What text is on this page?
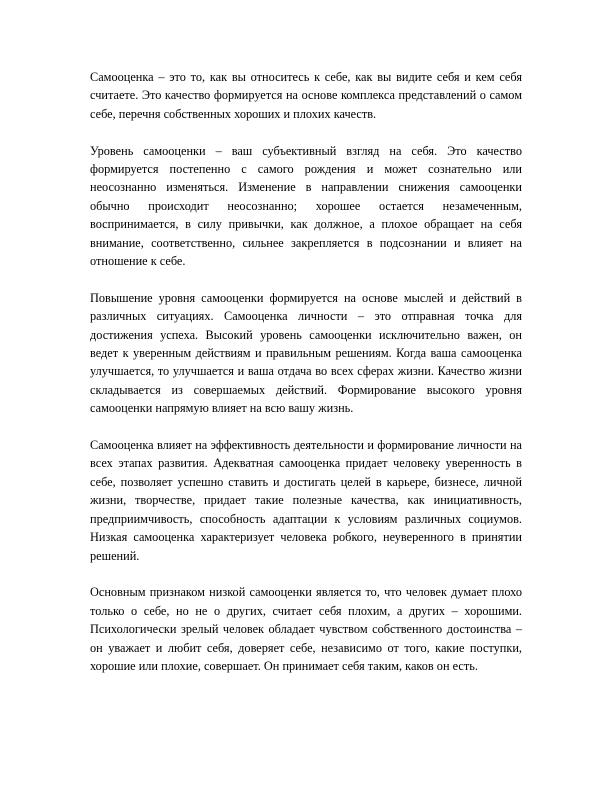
Самооценка – это то, как вы относитесь к себе, как вы видите себя и кем себя считаете. Это качество формируется на основе комплекса представлений о самом себе, перечня собственных хороших и плохих качеств.

Уровень самооценки – ваш субъективный взгляд на себя. Это качество формируется постепенно с самого рождения и может сознательно или неосознанно изменяться. Изменение в направлении снижения самооценки обычно происходит неосознанно; хорошее остается незамеченным, воспринимается, в силу привычки, как должное, а плохое обращает на себя внимание, соответственно, сильнее закрепляется в подсознании и влияет на отношение к себе.

Повышение уровня самооценки формируется на основе мыслей и действий в различных ситуациях. Самооценка личности – это отправная точка для достижения успеха. Высокий уровень самооценки исключительно важен, он ведет к уверенным действиям и правильным решениям. Когда ваша самооценка улучшается, то улучшается и ваша отдача во всех сферах жизни. Качество жизни складывается из совершаемых действий. Формирование высокого уровня самооценки напрямую влияет на всю вашу жизнь.

Самооценка влияет на эффективность деятельности и формирование личности на всех этапах развития. Адекватная самооценка придает человеку уверенность в себе, позволяет успешно ставить и достигать целей в карьере, бизнесе, личной жизни, творчестве, придает такие полезные качества, как инициативность, предприимчивость, способность адаптации к условиям различных социумов. Низкая самооценка характеризует человека робкого, неуверенного в принятии решений.

Основным признаком низкой самооценки является то, что человек думает плохо только о себе, но не о других, считает себя плохим, а других – хорошими. Психологически зрелый человек обладает чувством собственного достоинства – он уважает и любит себя, доверяет себе, независимо от того, какие поступки, хорошие или плохие, совершает. Он принимает себя таким, каков он есть.
